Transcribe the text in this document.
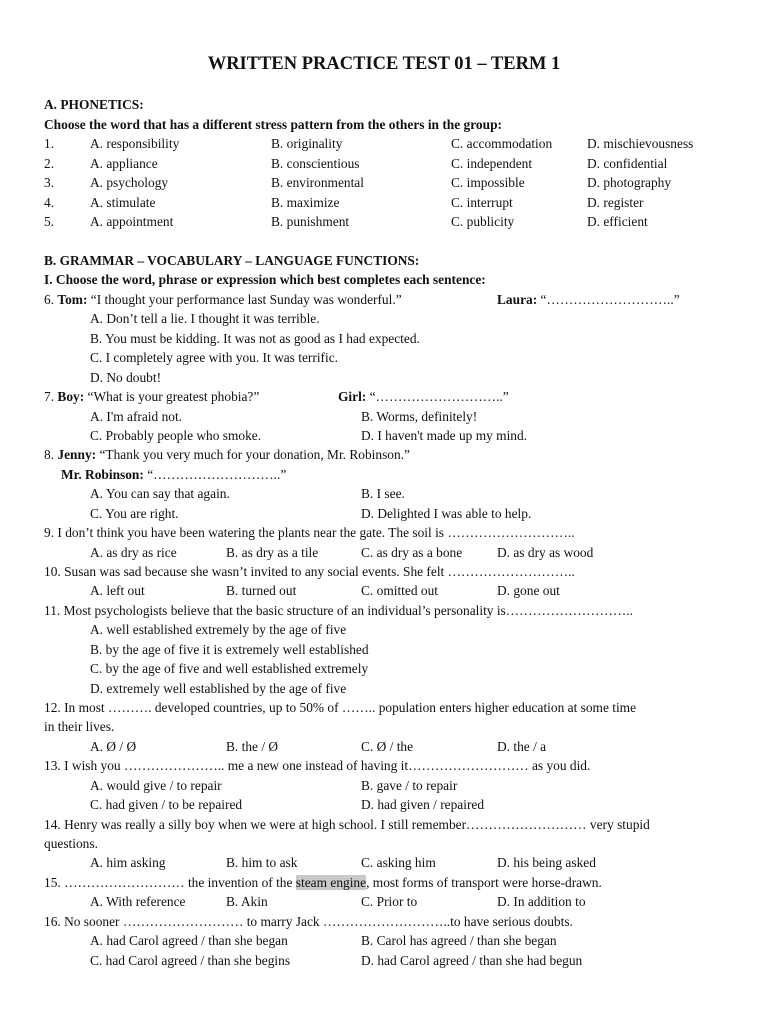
WRITTEN PRACTICE TEST 01 – TERM 1
A. PHONETICS:
Choose the word that has a different stress pattern from the others in the group:
1.	A. responsibility	B. originality	C. accommodation	D. mischievousness
2.	A. appliance	B. conscientious	C. independent	D. confidential
3.	A. psychology	B. environmental	C. impossible	D. photography
4.	A. stimulate	B. maximize	C. interrupt	D. register
5.	A. appointment	B. punishment	C. publicity	D. efficient
B. GRAMMAR – VOCABULARY – LANGUAGE FUNCTIONS:
I. Choose the word, phrase or expression which best completes each sentence:
6. Tom: “I thought your performance last Sunday was wonderful.”	Laura: “………………………..”
A. Don’t tell a lie. I thought it was terrible.
B. You must be kidding. It was not as good as I had expected.
C. I completely agree with you. It was terrific.
D. No doubt!
7. Boy: “What is your greatest phobia?”	Girl: “………………………..”
A. I'm afraid not.	B. Worms, definitely!
C. Probably people who smoke.	D. I haven't made up my mind.
8. Jenny: “Thank you very much for your donation, Mr. Robinson.”
Mr. Robinson: “………………………..”
A. You can say that again.	B. I see.
C. You are right.	D. Delighted I was able to help.
9. I don’t think you have been watering the plants near the gate. The soil is ………………………..
A. as dry as rice	B. as dry as a tile	C. as dry as a bone	D. as dry as wood
10. Susan was sad because she wasn’t invited to any social events. She felt ………………………..
A. left out	B. turned out	C. omitted out	D. gone out
11. Most psychologists believe that the basic structure of an individual’s personality is………………………..
A. well established extremely by the age of five
B. by the age of five it is extremely well established
C. by the age of five and well established extremely
D. extremely well established by the age of five
12. In most ………. developed countries, up to 50% of …….. population enters higher education at some time
in their lives.
A. Ø / Ø	B. the / Ø	C. Ø / the	D. the / a
13. I wish you ………………….. me a new one instead of having it……………………… as you did.
A. would give / to repair	B. gave / to repair
C. had given / to be repaired	D. had given / repaired
14. Henry was really a silly boy when we were at high school. I still remember……………………… very stupid
questions.
A. him asking	B. him to ask	C. asking him	D. his being asked
15. ……………………… the invention of the steam engine, most forms of transport were horse-drawn.
A. With reference	B. Akin	C. Prior to	D. In addition to
16. No sooner ……………………… to marry Jack ………………………..to have serious doubts.
A. had Carol agreed / than she began	B. Carol has agreed / than she began
C. had Carol agreed / than she begins	D. had Carol agreed / than she had begun
